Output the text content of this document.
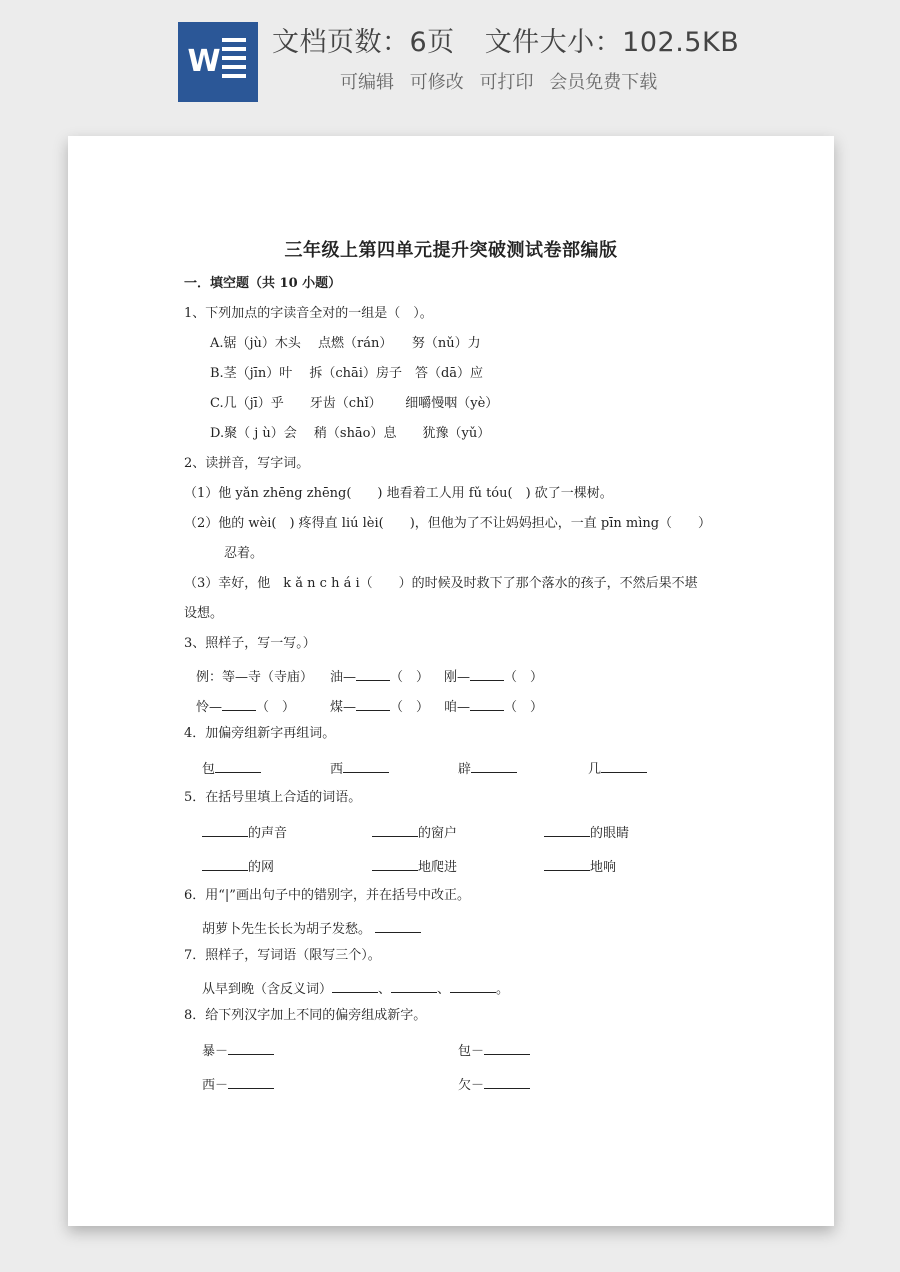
W
文档页数：6页 文件大小：102.5KB
可编辑 可修改 可打印 会员免费下载
三年级上第四单元提升突破测试卷部编版
一．填空题（共 10 小题）
1、下列加点的字读音全对的一组是（　）。
A.锯（jù）木头　 点燃（rán）　　努（nǔ）力
B.茎（jīn）叶　 拆（chāi）房子　答（dā）应
C.几（jī）乎　　牙齿（chǐ）　　 细嚼慢咽（yè）
D.聚（ j ù）会　 稍（shāo）息　　犹豫（yǔ）
2、读拼音，写字词。
（1）他 yǎn zhēng zhēng(　　) 地看着工人用 fǔ tóu(　) 砍了一棵树。
（2）他的 wèi(　) 疼得直 liú lèi(　　)，但他为了不让妈妈担心，一直 pīn mìng（　　）
忍着。
（3）幸好，他　k ǎ n c h á i（　　）的时候及时救下了那个落水的孩子，不然后果不堪
设想。
3、照样子，写一写。）
例：等—寺（寺庙） 油—	（　） 刚—	（　）
怜—	（　）	煤—	（　） 咱—	（　）
4．加偏旁组新字再组词。
包	西	辟	几
5．在括号里填上合适的词语。
的声音	的窗户	的眼睛
的网	地爬进	地响
6．用“|”画出句子中的错别字，并在括号中改正。
胡萝卜先生长长为胡子发愁。
7．照样子，写词语（限写三个）。
从早到晚（含反义词）	、	、	。
8．给下列汉字加上不同的偏旁组成新字。
暴－	包－
西－	欠－
